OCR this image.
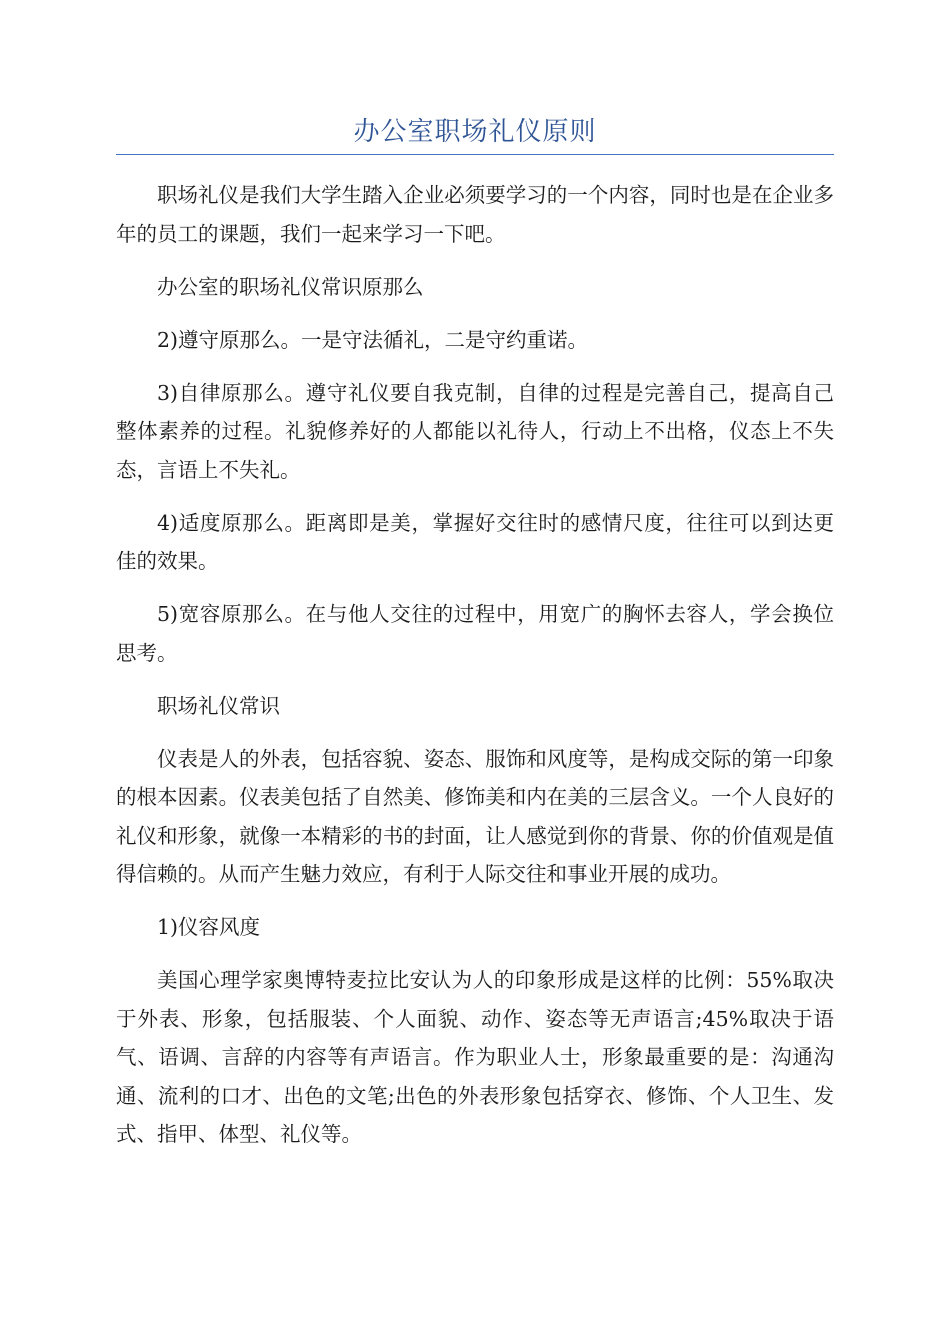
办公室职场礼仪原则

职场礼仪是我们大学生踏入企业必须要学习的一个内容，同时也是在企业多年的员工的课题，我们一起来学习一下吧。

办公室的职场礼仪常识原那么

2)遵守原那么。一是守法循礼，二是守约重诺。

3)自律原那么。遵守礼仪要自我克制，自律的过程是完善自己，提高自己整体素养的过程。礼貌修养好的人都能以礼待人，行动上不出格，仪态上不失态，言语上不失礼。

4)适度原那么。距离即是美，掌握好交往时的感情尺度，往往可以到达更佳的效果。

5)宽容原那么。在与他人交往的过程中，用宽广的胸怀去容人，学会换位思考。

职场礼仪常识

仪表是人的外表，包括容貌、姿态、服饰和风度等，是构成交际的第一印象的根本因素。仪表美包括了自然美、修饰美和内在美的三层含义。一个人良好的礼仪和形象，就像一本精彩的书的封面，让人感觉到你的背景、你的价值观是值得信赖的。从而产生魅力效应，有利于人际交往和事业开展的成功。

1)仪容风度

美国心理学家奥博特麦拉比安认为人的印象形成是这样的比例：55%取决于外表、形象，包括服装、个人面貌、动作、姿态等无声语言;45%取决于语气、语调、言辞的内容等有声语言。作为职业人士，形象最重要的是：沟通沟通、流利的口才、出色的文笔;出色的外表形象包括穿衣、修饰、个人卫生、发式、指甲、体型、礼仪等。
